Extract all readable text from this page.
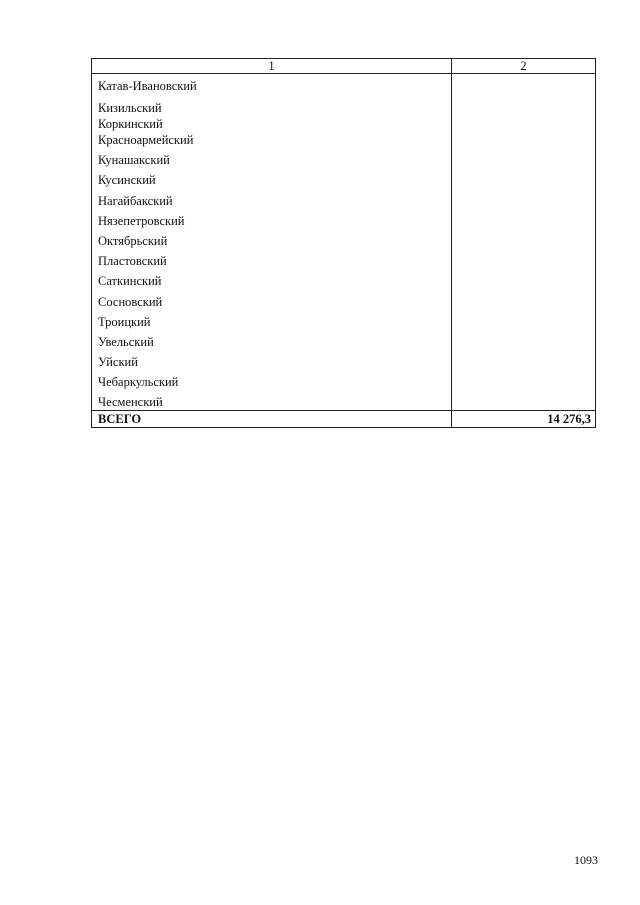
1	2
Катав-Ивановский	
Кизильский	
Коркинский	
Красноармейский	
Кунашакский	
Кусинский	
Нагайбакский	
Нязепетровский	
Октябрьский	
Пластовский	
Саткинский	
Сосновский	
Троицкий	
Увельский	
Уйский	
Чебаркульский	
Чесменский	
ВСЕГО	14 276,3
1093
